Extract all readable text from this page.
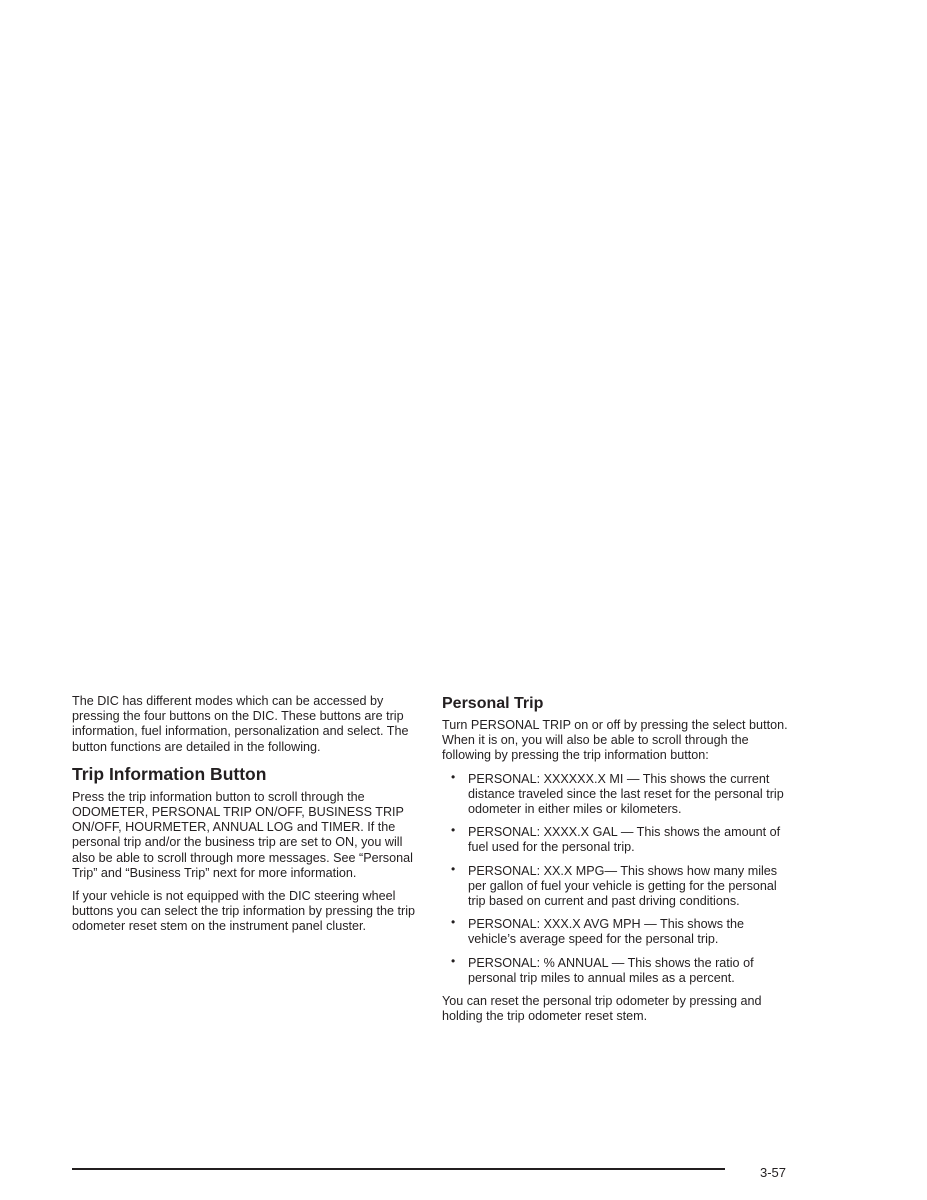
The DIC has different modes which can be accessed by pressing the four buttons on the DIC. These buttons are trip information, fuel information, personalization and select. The button functions are detailed in the following.

Trip Information Button

Press the trip information button to scroll through the ODOMETER, PERSONAL TRIP ON/OFF, BUSINESS TRIP ON/OFF, HOURMETER, ANNUAL LOG and TIMER. If the personal trip and/or the business trip are set to ON, you will also be able to scroll through more messages. See “Personal Trip” and “Business Trip” next for more information.

If your vehicle is not equipped with the DIC steering wheel buttons you can select the trip information by pressing the trip odometer reset stem on the instrument panel cluster.

Personal Trip

Turn PERSONAL TRIP on or off by pressing the select button. When it is on, you will also be able to scroll through the following by pressing the trip information button:

• PERSONAL: XXXXXX.X MI — This shows the current distance traveled since the last reset for the personal trip odometer in either miles or kilometers.
• PERSONAL: XXXX.X GAL — This shows the amount of fuel used for the personal trip.
• PERSONAL: XX.X MPG— This shows how many miles per gallon of fuel your vehicle is getting for the personal trip based on current and past driving conditions.
• PERSONAL: XXX.X AVG MPH — This shows the vehicle’s average speed for the personal trip.
• PERSONAL: % ANNUAL — This shows the ratio of personal trip miles to annual miles as a percent.

You can reset the personal trip odometer by pressing and holding the trip odometer reset stem.

3-57
